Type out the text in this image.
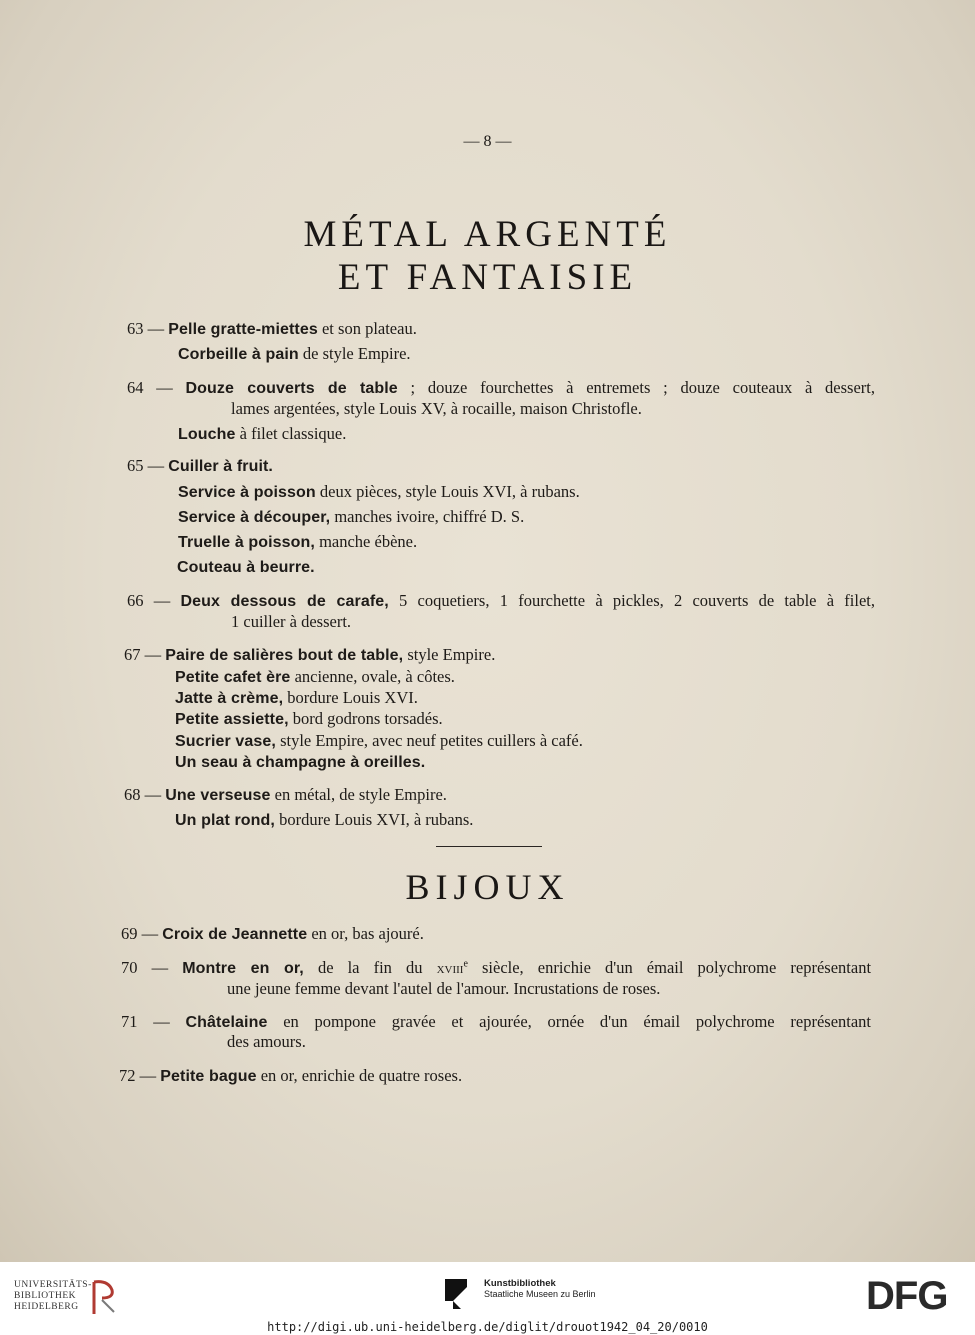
— 8 —
MÉTAL ARGENTÉ
ET FANTAISIE
63 — Pelle gratte-miettes et son plateau.
Corbeille à pain de style Empire.
64 — Douze couverts de table ; douze fourchettes à entremets ; douze couteaux à dessert,
lames argentées, style Louis XV, à rocaille, maison Christofle.
Louche à filet classique.
65 — Cuiller à fruit.
Service à poisson deux pièces, style Louis XVI, à rubans.
Service à découper, manches ivoire, chiffré D. S.
Truelle à poisson, manche ébène.
Couteau à beurre.
66 — Deux dessous de carafe, 5 coquetiers, 1 fourchette à pickles, 2 couverts de table à filet,
1 cuiller à dessert.
67 — Paire de salières bout de table, style Empire.
Petite cafet ère ancienne, ovale, à côtes.
Jatte à crème, bordure Louis XVI.
Petite assiette, bord godrons torsadés.
Sucrier vase, style Empire, avec neuf petites cuillers à café.
Un seau à champagne à oreilles.
68 — Une verseuse en métal, de style Empire.
Un plat rond, bordure Louis XVI, à rubans.
BIJOUX
69 — Croix de Jeannette en or, bas ajouré.
70 — Montre en or, de la fin du xviii$^e$ siècle, enrichie d'un émail polychrome représentant
une jeune femme devant l'autel de l'amour. Incrustations de roses.
71 — Châtelaine en pompone gravée et ajourée, ornée d'un émail polychrome représentant
des amours.
72 — Petite bague en or, enrichie de quatre roses.
UNIVERSITÄTS-
BIBLIOTHEK
HEIDELBERG
Kunstbibliothek
Staatliche Museen zu Berlin	DFG
http://digi.ub.uni-heidelberg.de/diglit/drouot1942_04_20/0010
